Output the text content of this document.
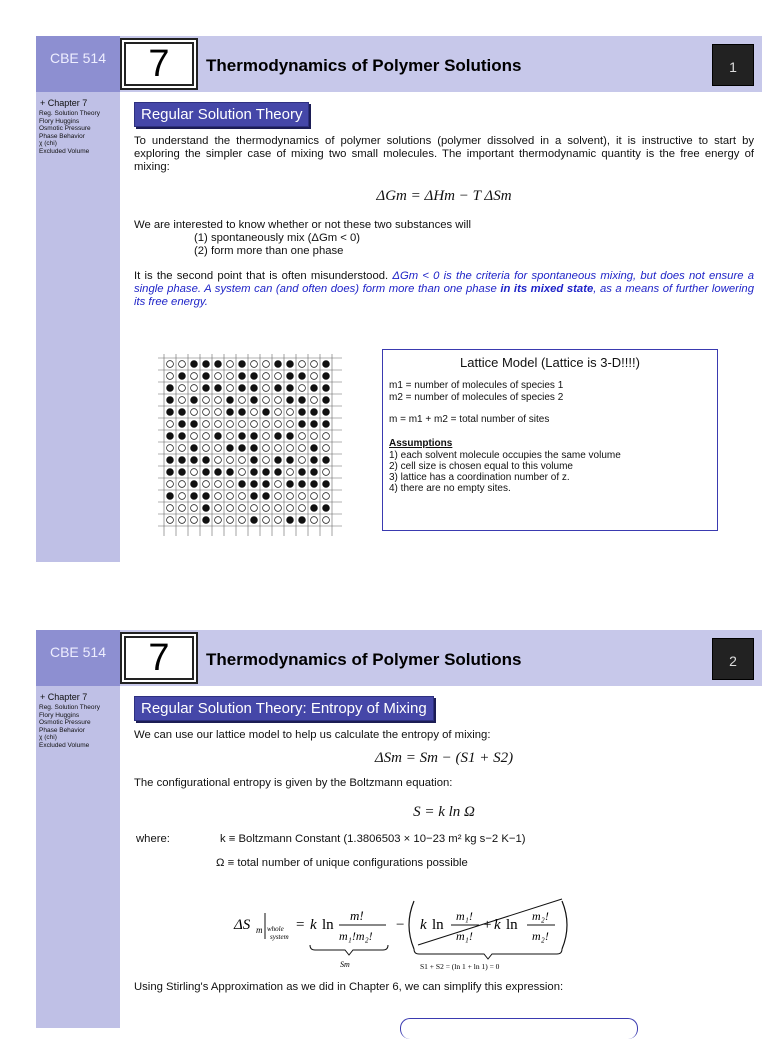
CBE 514	7	Thermodynamics of Polymer Solutions	1
+ Chapter 7
Reg. Solution Theory
Flory Huggins
Osmotic Pressure
Phase Behavior
χ (chi)
Excluded Volume
Regular Solution Theory

To understand the thermodynamics of polymer solutions (polymer dissolved in a solvent), it is instructive to start by exploring the simpler case of mixing two small molecules. The important thermodynamic quantity is the free energy of mixing:

ΔGm = ΔHm − T ΔSm

We are interested to know whether or not these two substances will

(1) spontaneously mix (ΔGm < 0)

(2) form more than one phase

It is the second point that is often misunderstood. ΔGm < 0 is the criteria for spontaneous mixing, but does not ensure a single phase. A system can (and often does) form more than one phase in its mixed state, as a means of further lowering its free energy.

Lattice Model (Lattice is 3-D!!!!)

m1 = number of molecules of species 1

m2 = number of molecules of species 2

m = m1 + m2 = total number of sites

Assumptions

1) each solvent molecule occupies the same volume

2) cell size is chosen equal to this volume

3) lattice has a coordination number of z.

4) there are no empty sites.

CBE 514	7	Thermodynamics of Polymer Solutions	2
+ Chapter 7
Reg. Solution Theory
Flory Huggins
Osmotic Pressure
Phase Behavior
χ (chi)
Excluded Volume
Regular Solution Theory: Entropy of Mixing

We can use our lattice model to help us calculate the entropy of mixing:

ΔSm = Sm − (S1 + S2)

The configurational entropy is given by the Boltzmann equation:

S = k ln Ω
where:	k ≡ Boltzmann Constant (1.3806503 × 10−23 m² kg s−2 K−1)
Ω ≡ total number of unique configurations possible
ΔS m whole
system
= k ln
m!
m₁!m₂!
Sm
− k ln
m₁!
m₁!
+ k ln
m₂!
m₂!
S1 + S2 = (ln 1 + ln 1) = 0

Using Stirling's Approximation as we did in Chapter 6, we can simplify this expression:
